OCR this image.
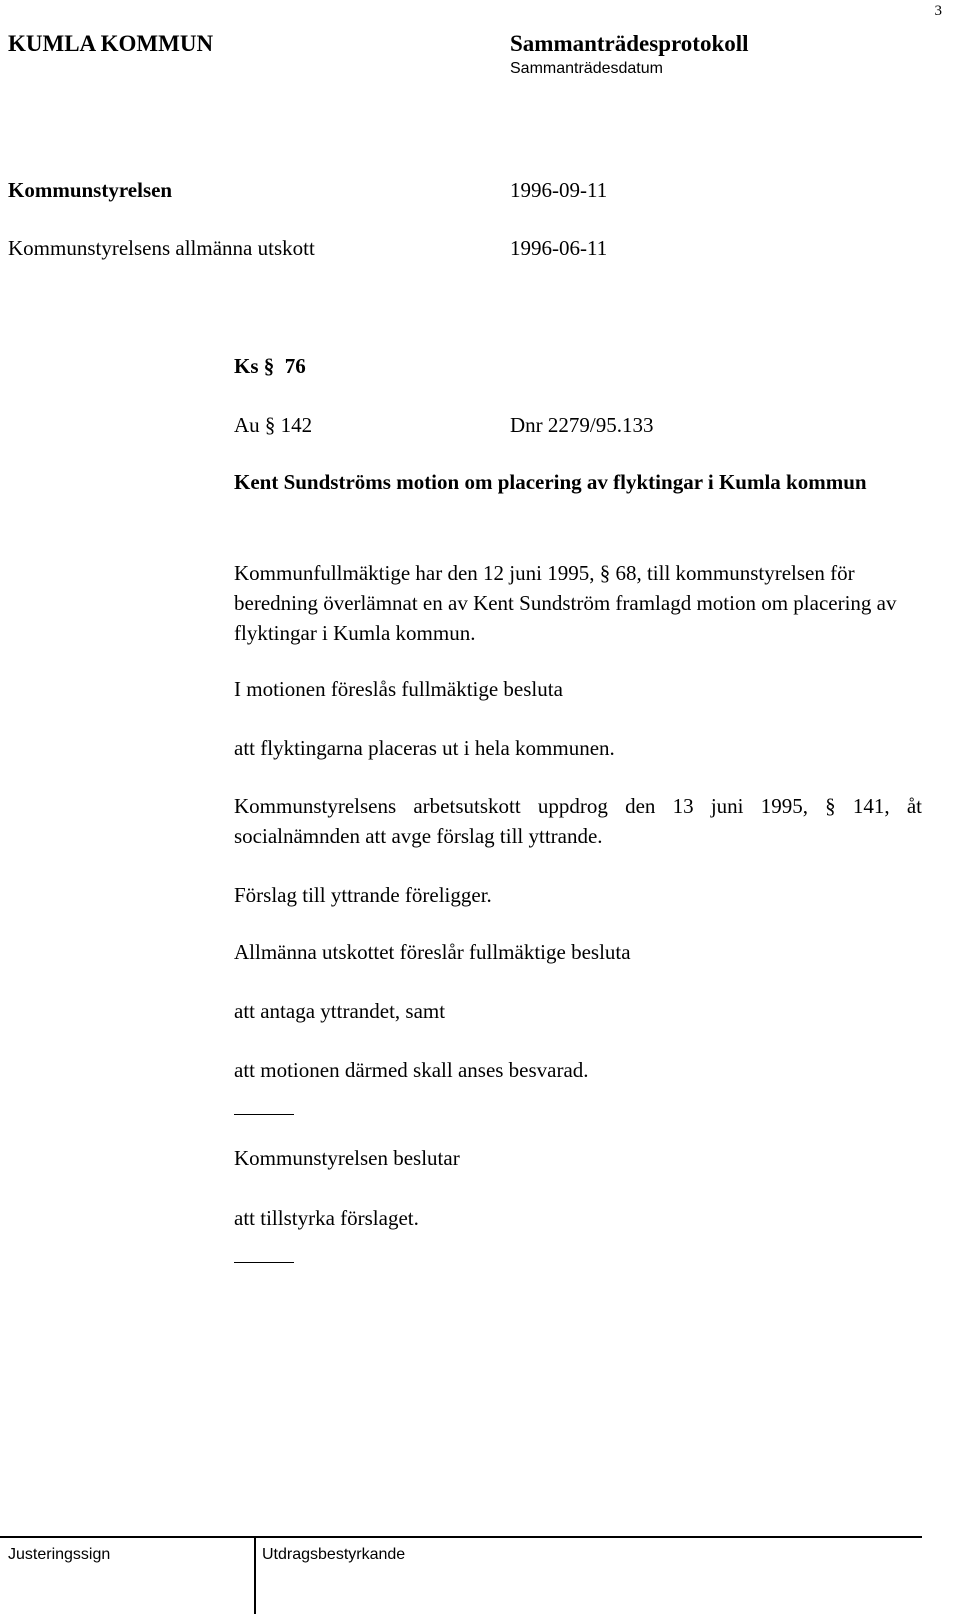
3
KUMLA KOMMUN	Sammanträdesprotokoll
Sammanträdesdatum
Kommunstyrelsen	1996-09-11
Kommunstyrelsens allmänna utskott	1996-06-11
Ks § 76
Au § 142	Dnr 2279/95.133
Kent Sundströms motion om placering av flyktingar i Kumla kommun
Kommunfullmäktige har den 12 juni 1995, § 68, till kommunstyrelsen för beredning överlämnat en av Kent Sundström framlagd motion om placering av flyktingar i Kumla kommun.
I motionen föreslås fullmäktige besluta
att flyktingarna placeras ut i hela kommunen.
Kommunstyrelsens arbetsutskott uppdrog den 13 juni 1995, § 141, åt socialnämnden att avge förslag till yttrande.
Förslag till yttrande föreligger.
Allmänna utskottet föreslår fullmäktige besluta
att antaga yttrandet, samt
att motionen därmed skall anses besvarad.
Kommunstyrelsen beslutar
att tillstyrka förslaget.
Justeringssign	Utdragsbestyrkande
